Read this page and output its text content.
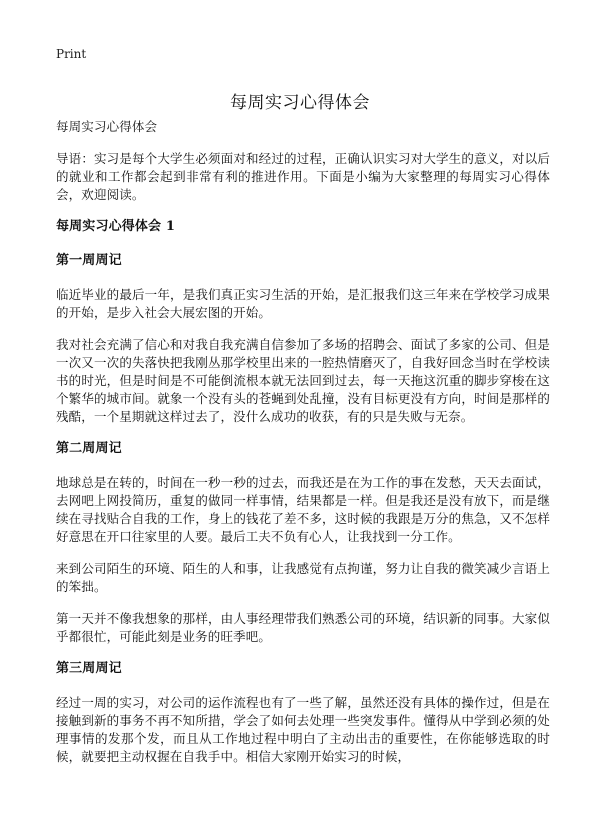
Print
每周实习心得体会

每周实习心得体会

导语：实习是每个大学生必须面对和经过的过程，正确认识实习对大学生的意义，对以后的就业和工作都会起到非常有利的推进作用。下面是小编为大家整理的每周实习心得体会，欢迎阅读。

每周实习心得体会 1
第一周周记

临近毕业的最后一年，是我们真正实习生活的开始，是汇报我们这三年来在学校学习成果的开始，是步入社会大展宏图的开始。

我对社会充满了信心和对我自我充满自信参加了多场的招聘会、面试了多家的公司、但是一次又一次的失落快把我刚丛那学校里出来的一腔热情磨灭了，自我好回念当时在学校读书的时光，但是时间是不可能倒流根本就无法回到过去，每一天拖这沉重的脚步穿梭在这个繁华的城市间。就象一个没有头的苍蝇到处乱撞，没有目标更没有方向，时间是那样的残酷，一个星期就这样过去了，没什么成功的收获，有的只是失败与无奈。

第二周周记

地球总是在转的，时间在一秒一秒的过去，而我还是在为工作的事在发愁，天天去面试，去网吧上网投简历，重复的做同一样事情，结果都是一样。但是我还是没有放下，而是继续在寻找贴合自我的工作，身上的钱花了差不多，这时候的我跟是万分的焦急，又不怎样好意思在开口往家里的人要。最后工夫不负有心人，让我找到一分工作。

来到公司陌生的环境、陌生的人和事，让我感觉有点拘谨，努力让自我的微笑减少言语上的笨拙。

第一天并不像我想象的那样，由人事经理带我们熟悉公司的环境，结识新的同事。大家似乎都很忙，可能此刻是业务的旺季吧。

第三周周记

经过一周的实习，对公司的运作流程也有了一些了解，虽然还没有具体的操作过，但是在接触到新的事务不再不知所措，学会了如何去处理一些突发事件。懂得从中学到必须的处理事情的发那个发，而且从工作地过程中明白了主动出击的重要性，在你能够选取的时候，就要把主动权握在自我手中。相信大家刚开始实习的时候，
